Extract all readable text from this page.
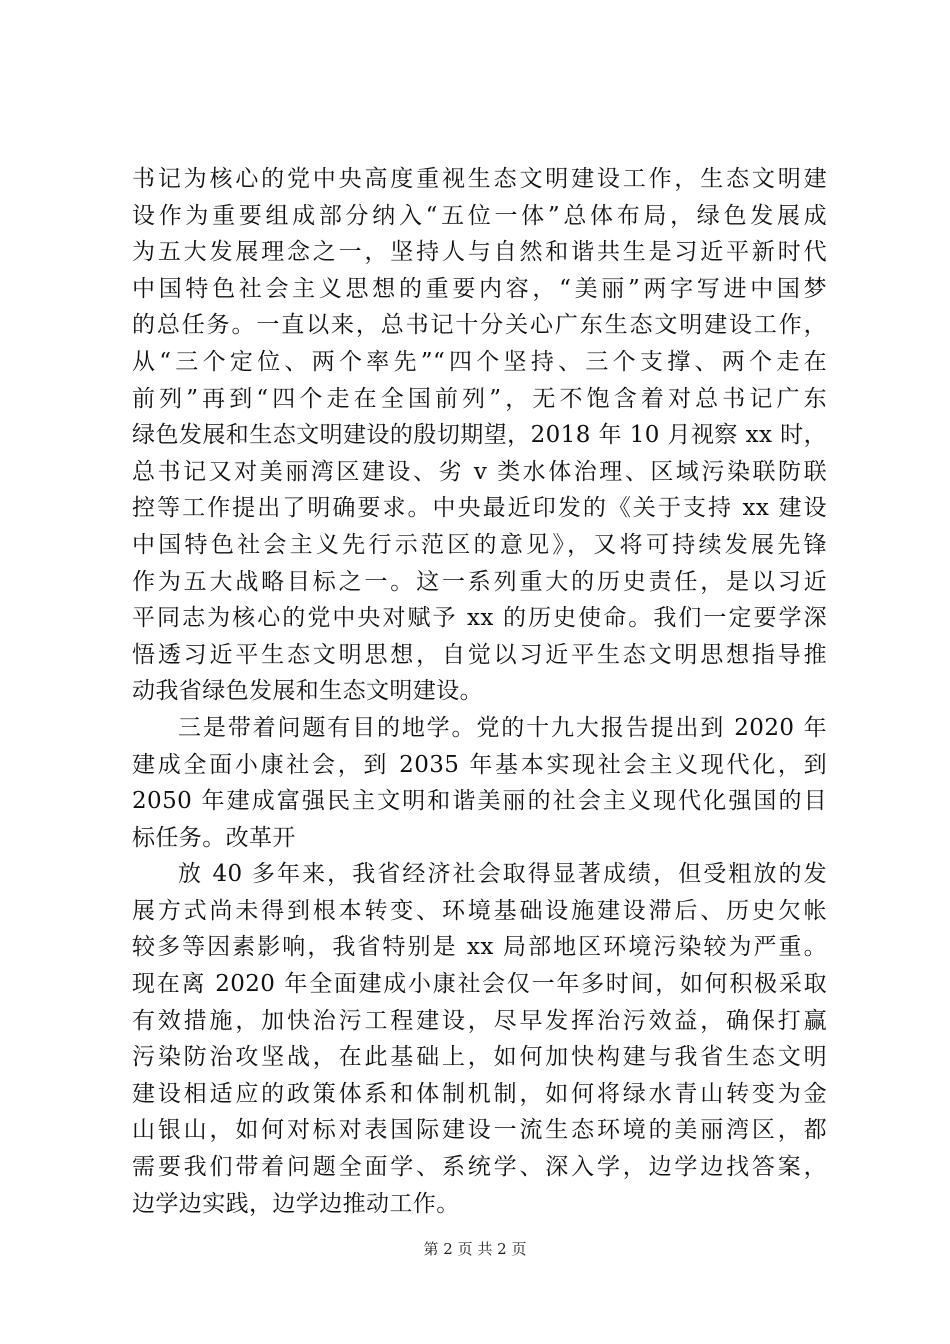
书记为核心的党中央高度重视生态文明建设工作，生态文明建
设作为重要组成部分纳入“五位一体”总体布局，绿色发展成
为五大发展理念之一，坚持人与自然和谐共生是习近平新时代
中国特色社会主义思想的重要内容，“美丽”两字写进中国梦
的总任务。一直以来，总书记十分关心广东生态文明建设工作，
从“三个定位、两个率先”“四个坚持、三个支撑、两个走在
前列”再到“四个走在全国前列”，无不饱含着对总书记广东
绿色发展和生态文明建设的殷切期望，2018 年 10 月视察 xx 时，
总书记又对美丽湾区建设、劣 v 类水体治理、区域污染联防联
控等工作提出了明确要求。中央最近印发的《关于支持 xx 建设
中国特色社会主义先行示范区的意见》，又将可持续发展先锋
作为五大战略目标之一。这一系列重大的历史责任，是以习近
平同志为核心的党中央对赋予 xx 的历史使命。我们一定要学深
悟透习近平生态文明思想，自觉以习近平生态文明思想指导推
动我省绿色发展和生态文明建设。
三是带着问题有目的地学。党的十九大报告提出到 2020 年
建成全面小康社会，到 2035 年基本实现社会主义现代化，到
2050 年建成富强民主文明和谐美丽的社会主义现代化强国的目
标任务。改革开
放 40 多年来，我省经济社会取得显著成绩，但受粗放的发
展方式尚未得到根本转变、环境基础设施建设滞后、历史欠帐
较多等因素影响，我省特别是 xx 局部地区环境污染较为严重。
现在离 2020 年全面建成小康社会仅一年多时间，如何积极采取
有效措施，加快治污工程建设，尽早发挥治污效益，确保打赢
污染防治攻坚战，在此基础上，如何加快构建与我省生态文明
建设相适应的政策体系和体制机制，如何将绿水青山转变为金
山银山，如何对标对表国际建设一流生态环境的美丽湾区，都
需要我们带着问题全面学、系统学、深入学，边学边找答案，
边学边实践，边学边推动工作。
第 2 页 共 2 页
